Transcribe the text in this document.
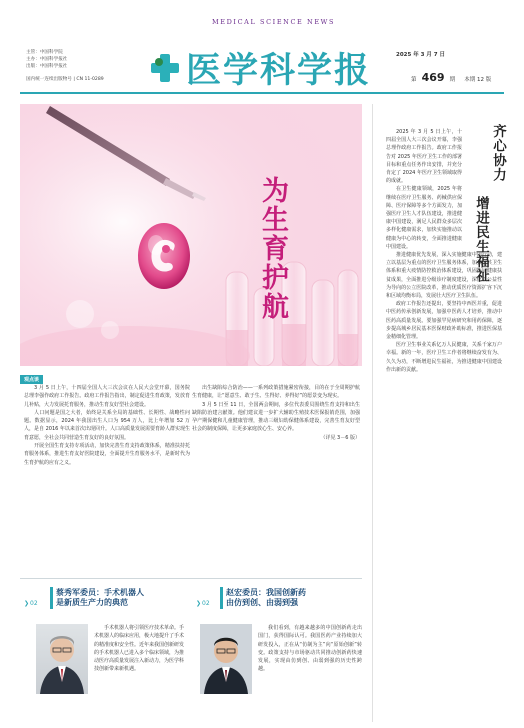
MEDICAL SCIENCE NEWS
主管：中国科学院
主办：中国科学报社
出版：中国科学报社
国内统一连续出版物号 | CN 11-0289 医学科学报	2025 年 3 月 7 日
第 469 期 本期 12 版
为生育护航
齐心协力
增进民生福祉

2025 年 3 月 5 日上午，十四届全国人大三次会议开幕，李强总理作政府工作报告。政府工作报告对 2025 年医疗卫生工作的部署目标和重点任务作出安排，并充分肯定了 2024 年医疗卫生领域取得的成就。

在卫生健康领域，2025 年将继续在医疗卫生服务、药械供应保障、医疗保障等多个方面发力，加强医疗卫生人才队伍建设，推进健康中国建设，满足人民群众多层次多样化健康需求，加快实施推动以健康为中心的转变，全面推进健康中国建设。

推进健康优先发展，深入实施健康中国行动，建立以基层为重点的医疗卫生服务体系，加强公共卫生体系和重大疫情防控救治体系建设，巩固拓展健康扶贫成果，全面推进分级诊疗制度建设，深化以公益性为导向的公立医院改革，推动优质医疗资源扩容下沉和区域均衡布局，发展壮大医疗卫生队伍。

政府工作报告还提出，要坚持中西医并重，促进中医药传承创新发展，加强中医药人才培养，推动中医药高质量发展。要加强罕见病研究和用药保障，逐步提高城乡居民基本医保财政补助标准，推进医保基金精细化管理。

医疗卫生事业关系亿万人民健康，关系千家万户幸福。新的一年，医疗卫生工作者将继续奋发有为、久久为功，不断增进民生福祉，为推进健康中国建设作出新的贡献。

观点谈

3 月 5 日上午，十四届全国人大三次会议在人民大会堂开幕，国务院总理李强作政府工作报告。政府工作报告指出，制定促进生育政策，发放育儿补贴，大力发展托育服务，推动生育友好型社会建设。

人口问题是国之大者，始终是关系全局的基础性、长期性、战略性问题。数据显示，2024 年我国出生人口为 954 万人，比上年增加 52 万人，是自 2016 年以来首次出现回升。人口高质量发展需要育龄人群实现生育意愿，全社会共同营造生育友好的良好氛围。

开展全国生育支持专项活动，加快完善生育支持政策体系，精准扶持托育服务体系，推进生育友好医院建设，全面提升生育服务水平，是新时代为生育护航的应有之义。

出生缺陷综合防治——一系列政策措施紧密衔接，目的在于全周期护航生育健康，让“愿意生、敢于生、生得好、养得好”的愿景变为现实。

3 月 5 日至 11 日，全国两会期间，多位代表委员围绕生育支持和出生缺陷防治建言献策。他们建议进一步扩大辅助生殖技术医保报销范围，加强孕产期保健和儿童健康管理，推动三级妇幼保健体系建设，完善生育友好型社会的制度保障，让更多家庭放心生、安心养。

（详见 3－6 版）

❯02
蔡秀军委员：手术机器人
是新质生产力的典范

手术机器人将引领医疗技术革命。手术机器人的临床应用，极大地提升了手术的精准度和安全性。近年来我国创新研发的手术机器人已进入多个临床领域，为推动医疗高质量发展注入新动力，为医学科技创新带来新机遇。

❯02
赵宏委员：我国创新药
由仿到创、由弱到强

我们看到，有越来越多的中国创新药走出国门，获得国际认可。我国医药产业持续加大研发投入，正在从“仿制为主”向“原始创新”转变。政策支持与市场驱动共同推动创新药快速发展，实现由仿到创、由弱到强的历史性跨越。
